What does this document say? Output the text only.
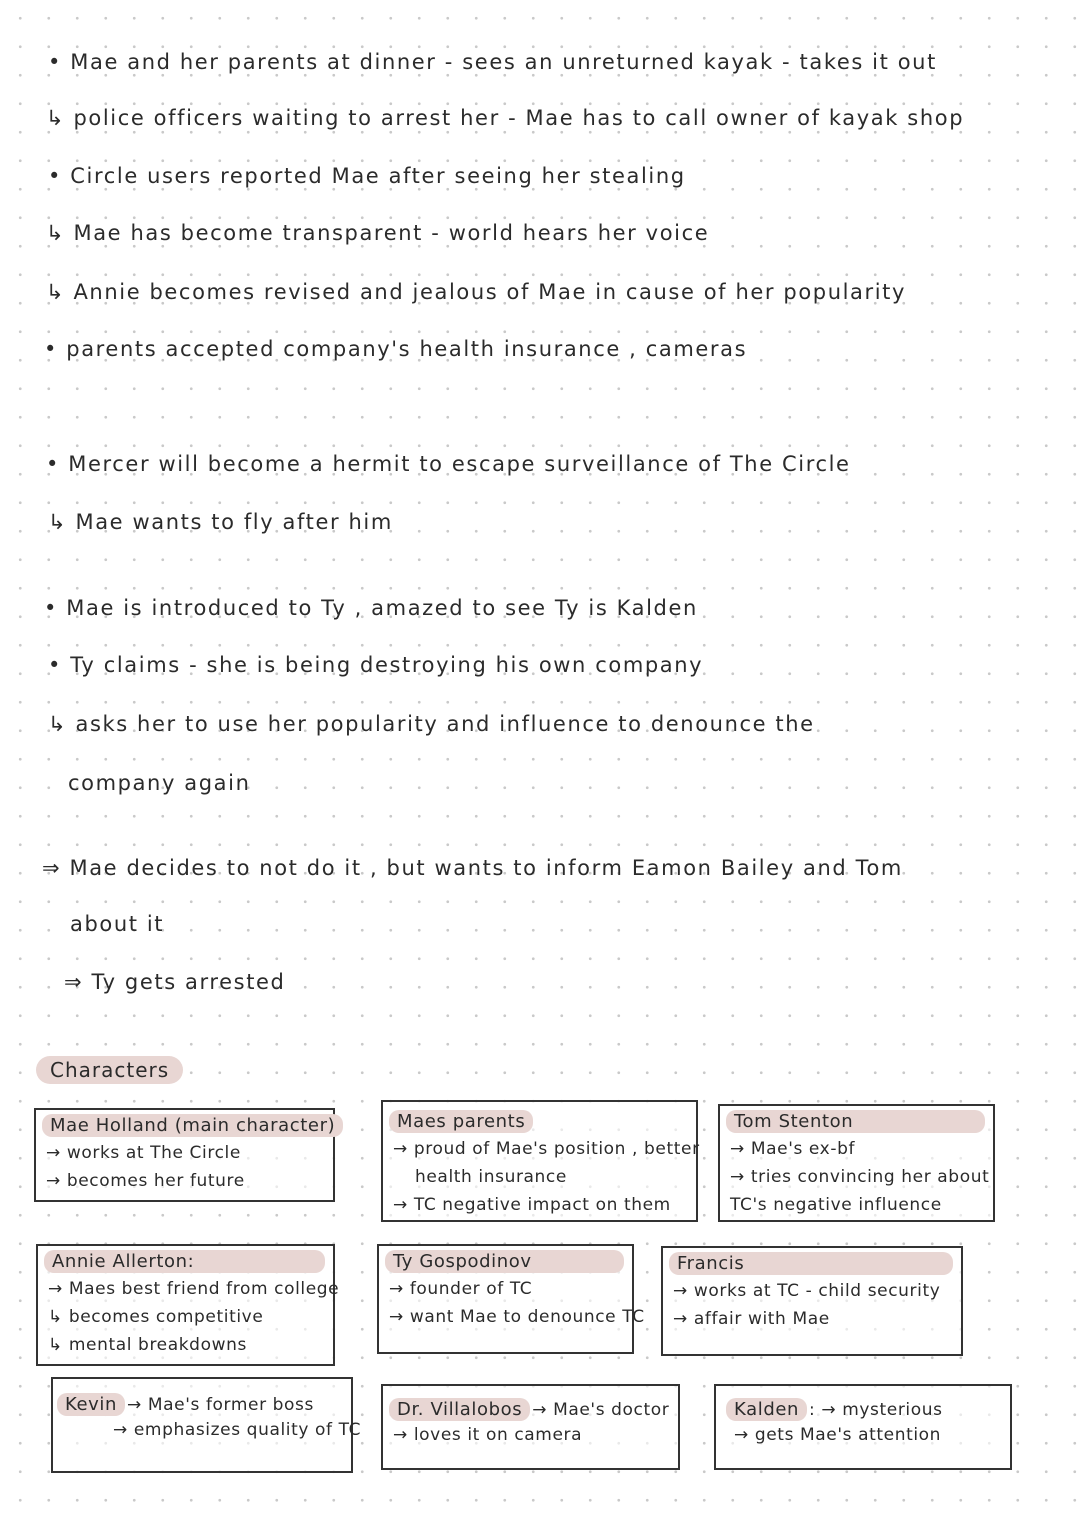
• Mae and her parents at dinner - sees an unreturned kayak - takes it out
↳ police officers waiting to arrest her - Mae has to call owner of kayak shop
• Circle users reported Mae after seeing her stealing
↳ Mae has become transparent - world hears her voice
↳ Annie becomes revised and jealous of Mae in cause of her popularity
• parents accepted company's health insurance , cameras
• Mercer will become a hermit to escape surveillance of The Circle
↳ Mae wants to fly after him
• Mae is introduced to Ty , amazed to see Ty is Kalden
• Ty claims - she is being destroying his own company
↳ asks her to use her popularity and influence to denounce the
company again
⇒ Mae decides to not do it , but wants to inform Eamon Bailey and Tom
about it
⇒ Ty gets arrested
Characters
Mae Holland (main character)
→ works at The Circle
→ becomes her future
Maes parents
→ proud of Mae's position , better
health insurance
→ TC negative impact on them
Tom Stenton
→ Mae's ex-bf
→ tries convincing her about
TC's negative influence
Annie Allerton:
→ Maes best friend from college
↳ becomes competitive
↳ mental breakdowns
Ty Gospodinov
→ founder of TC
→ want Mae to denounce TC
Francis
→ works at TC - child security
→ affair with Mae
Kevin → Mae's former boss
→ emphasizes quality of TC
Dr. Villalobos → Mae's doctor
→ loves it on camera
Kalden : → mysterious
→ gets Mae's attention
